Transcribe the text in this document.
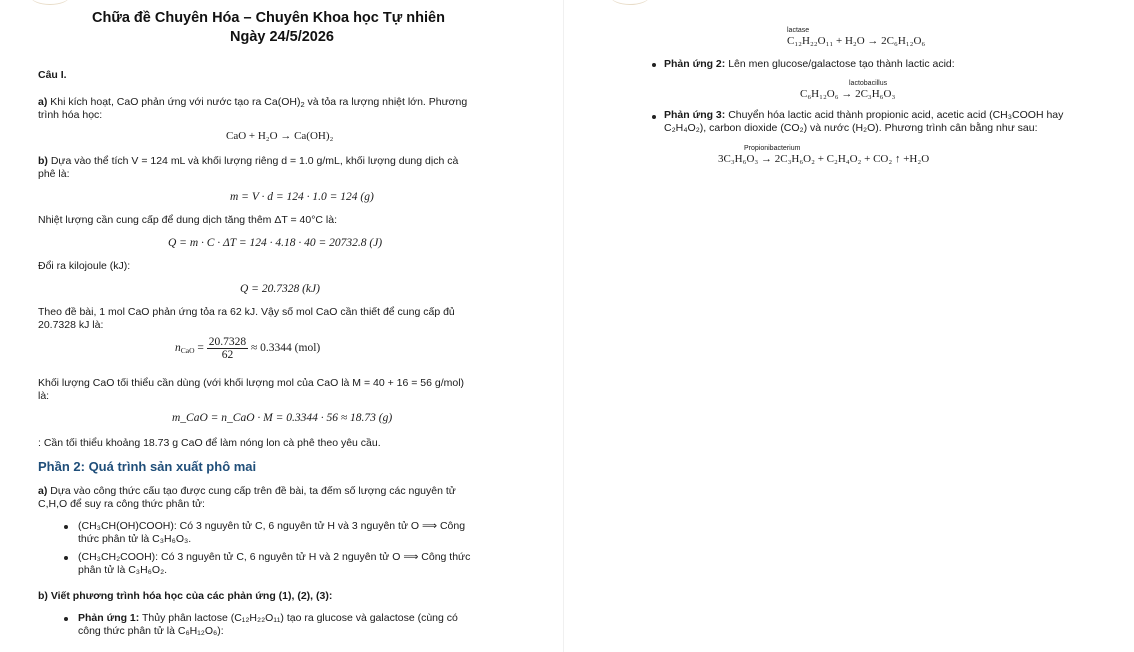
Chữa đề Chuyên Hóa – Chuyên Khoa học Tự nhiên
Ngày 24/5/2026
Câu I.
a) Khi kích hoạt, CaO phản ứng với nước tạo ra $Ca(OH)_2$ và tỏa ra lượng nhiệt lớn. Phương
trình hóa học:
CaO + H₂O → Ca(OH)₂
b) Dựa vào thể tích V = 124 mL và khối lượng riêng d = 1.0 g/mL, khối lượng dung dịch cà
phê là:
m = V · d = 124 · 1.0 = 124 (g)
Nhiệt lượng cần cung cấp để dung dịch tăng thêm ΔT = 40°C là:
Q = m · C · ΔT = 124 · 4.18 · 40 = 20732.8 (J)
Đổi ra kilojoule (kJ):
Q = 20.7328 (kJ)
Theo đề bài, 1 mol CaO phản ứng tỏa ra 62 kJ. Vậy số mol CaO cần thiết để cung cấp đủ
20.7328 kJ là:
$n_{CaO} = \frac{20.7328}{62} \approx 0.3344$ (mol)
Khối lượng CaO tối thiểu cần dùng (với khối lượng mol của CaO là M = 40 + 16 = 56 g/mol)
là:
m_CaO = n_CaO · M = 0.3344 · 56 ≈ 18.73 (g)
: Cần tối thiểu khoảng 18.73 g CaO để làm nóng lon cà phê theo yêu cầu.
Phần 2: Quá trình sản xuất phô mai
a) Dựa vào công thức cấu tạo được cung cấp trên đề bài, ta đếm số lượng các nguyên tử
C,H,O để suy ra công thức phân tử:
(CH₃CH(OH)COOH): Có 3 nguyên tử C, 6 nguyên tử H và 3 nguyên tử O ⟹ Công
thức phân tử là C₃H₆O₃.
(CH₃CH₂COOH): Có 3 nguyên tử C, 6 nguyên tử H và 2 nguyên tử O ⟹ Công thức
phân tử là C₃H₆O₂.
b) Viết phương trình hóa học của các phản ứng (1), (2), (3):
Phản ứng 1: Thủy phân lactose (C₁₂H₂₂O₁₁) tạo ra glucose và galactose (cùng có
công thức phân tử là C₆H₁₂O₆):
lactase
C₁₂H₂₂O₁₁ + H₂O → 2C₆H₁₂O₆
Phản ứng 2: Lên men glucose/galactose tạo thành lactic acid:
lactobacillus
C₆H₁₂O₆ → 2C₃H₆O₃
Phản ứng 3: Chuyển hóa lactic acid thành propionic acid, acetic acid (CH₃COOH hay
C₂H₄O₂), carbon dioxide (CO₂) và nước (H₂O). Phương trình cân bằng như sau:
Propionibacterium
3C₃H₆O₃ → 2C₃H₆O₂ + C₂H₄O₂ + CO₂ ↑ +H₂O
